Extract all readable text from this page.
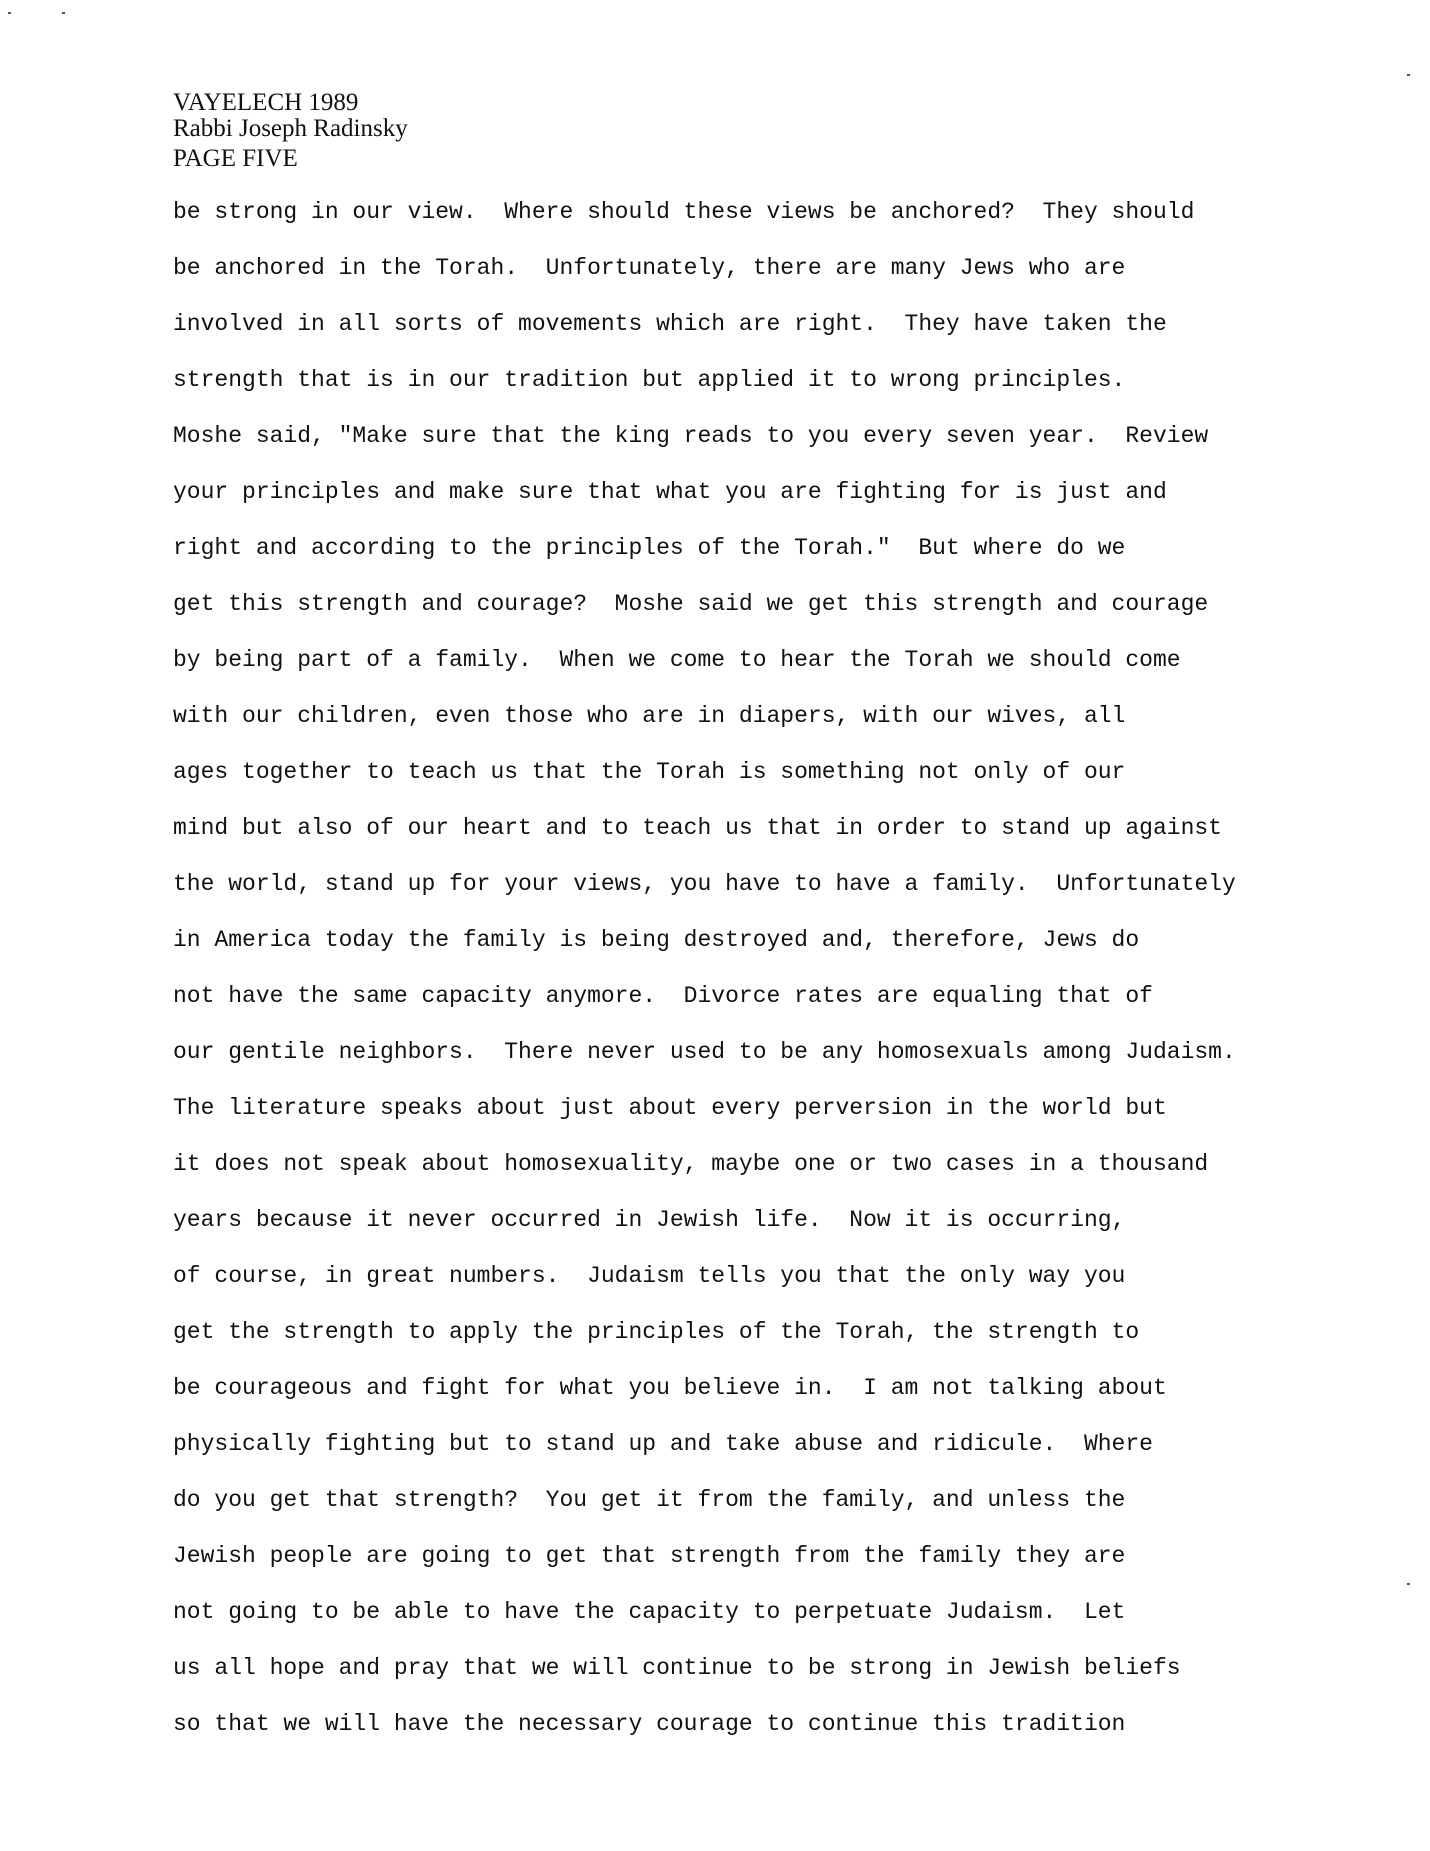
VAYELECH 1989
Rabbi Joseph Radinsky
PAGE FIVE
be strong in our view.  Where should these views be anchored?  They should
be anchored in the Torah.  Unfortunately, there are many Jews who are
involved in all sorts of movements which are right.  They have taken the
strength that is in our tradition but applied it to wrong principles.
Moshe said, "Make sure that the king reads to you every seven year.  Review
your principles and make sure that what you are fighting for is just and
right and according to the principles of the Torah."  But where do we
get this strength and courage?  Moshe said we get this strength and courage
by being part of a family.  When we come to hear the Torah we should come
with our children, even those who are in diapers, with our wives, all
ages together to teach us that the Torah is something not only of our
mind but also of our heart and to teach us that in order to stand up against
the world, stand up for your views, you have to have a family.  Unfortunately
in America today the family is being destroyed and, therefore, Jews do
not have the same capacity anymore.  Divorce rates are equaling that of
our gentile neighbors.  There never used to be any homosexuals among Judaism.
The literature speaks about just about every perversion in the world but
it does not speak about homosexuality, maybe one or two cases in a thousand
years because it never occurred in Jewish life.  Now it is occurring,
of course, in great numbers.  Judaism tells you that the only way you
get the strength to apply the principles of the Torah, the strength to
be courageous and fight for what you believe in.  I am not talking about
physically fighting but to stand up and take abuse and ridicule.  Where
do you get that strength?  You get it from the family, and unless the
Jewish people are going to get that strength from the family they are
not going to be able to have the capacity to perpetuate Judaism.  Let
us all hope and pray that we will continue to be strong in Jewish beliefs
so that we will have the necessary courage to continue this tradition
